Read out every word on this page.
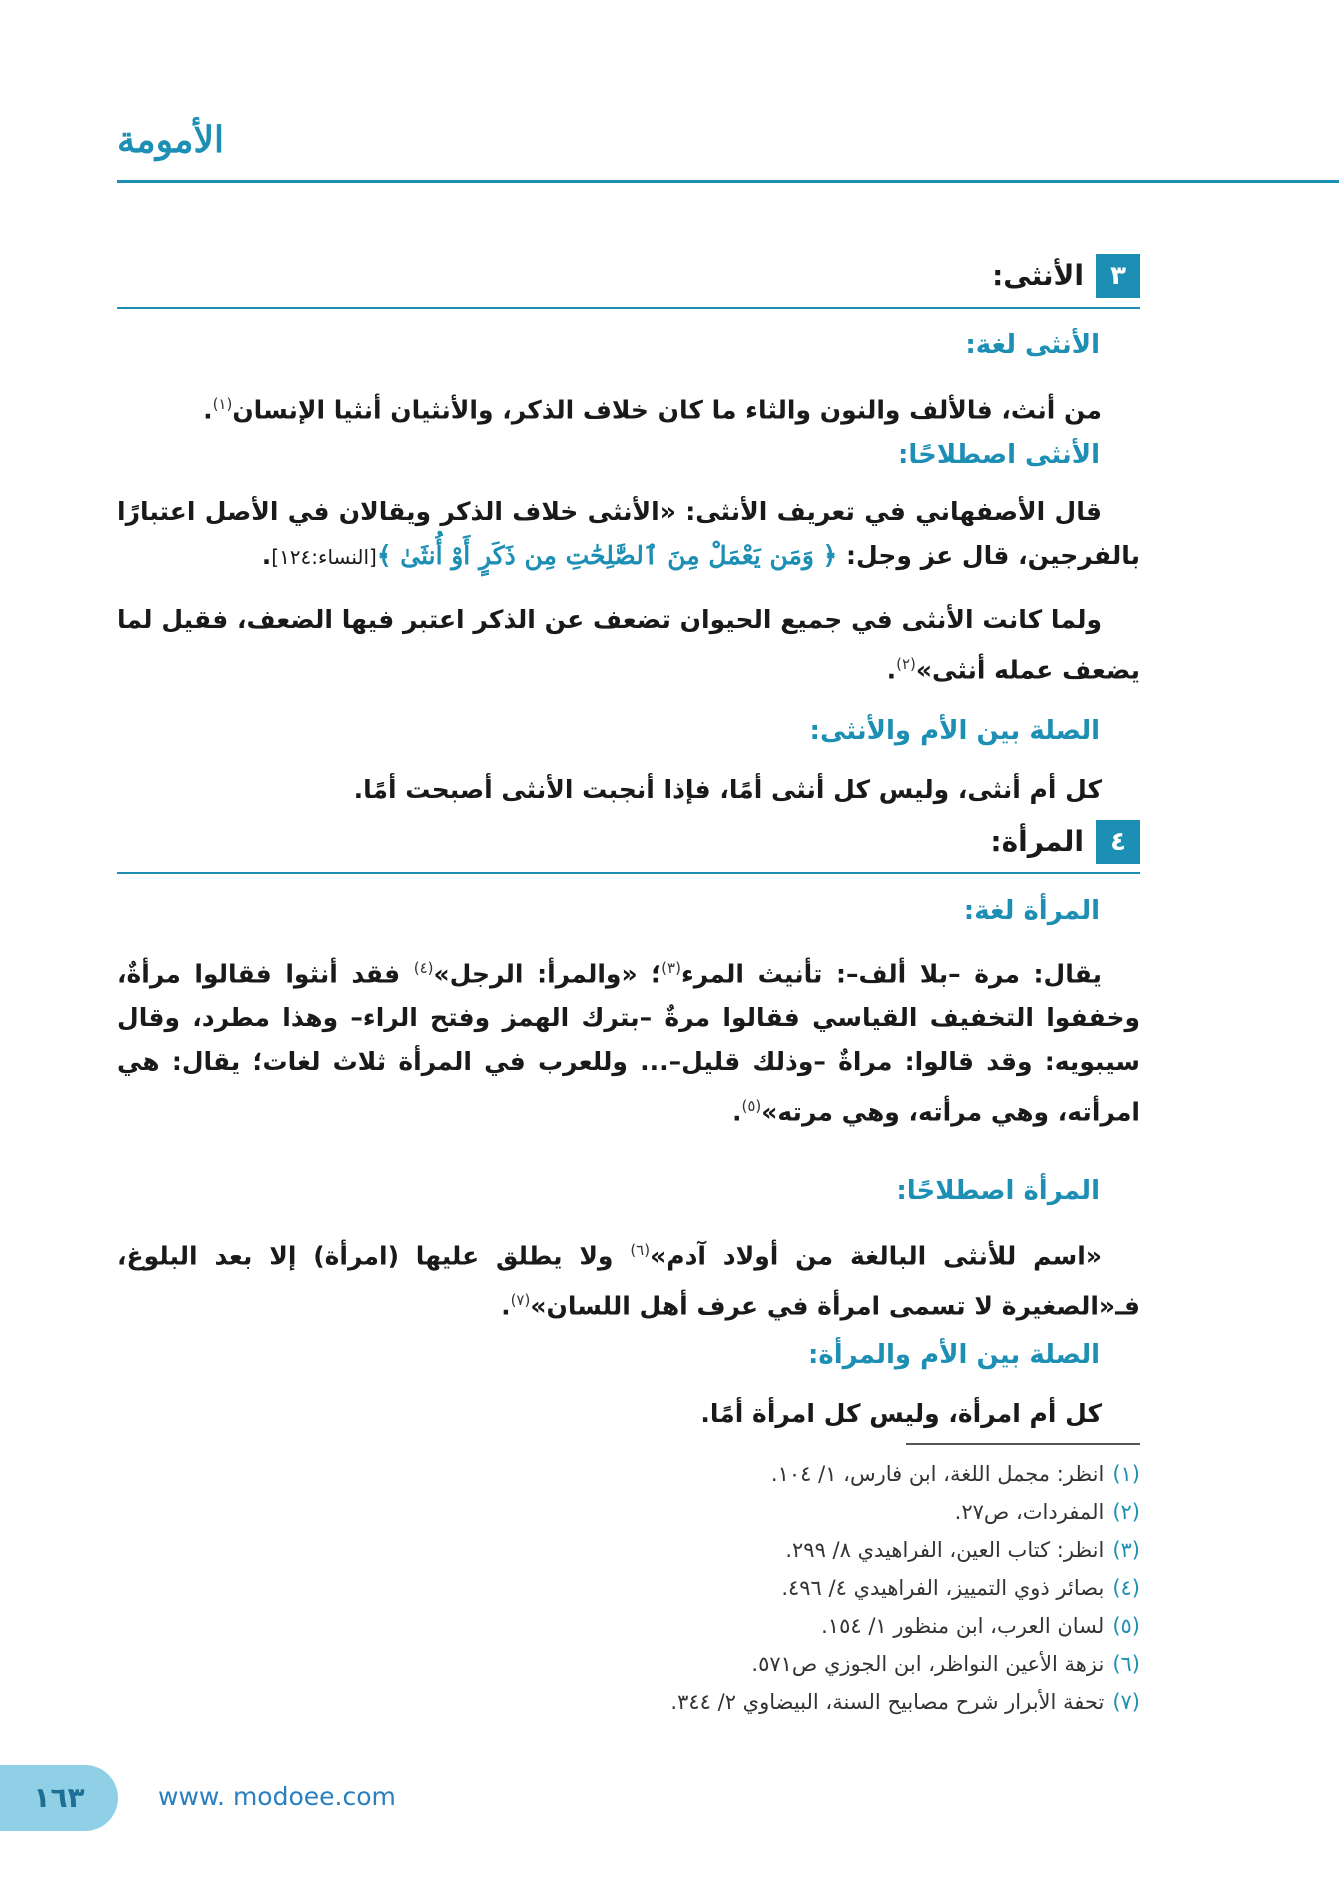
الأمومة
٣
الأنثى:
الأنثى لغة:
من أنث، فالألف والنون والثاء ما كان خلاف الذكر، والأنثيان أنثيا الإنسان$^{(١)}$.
الأنثى اصطلاحًا:
قال الأصفهاني في تعريف الأنثى: «الأنثى خلاف الذكر ويقالان في الأصل اعتبارًا بالفرجين، قال عز وجل: ﴿ وَمَن يَعْمَلْ مِنَ ٱلصَّٰلِحَٰتِ مِن ذَكَرٍ أَوْ أُنثَىٰ ﴾[النساء:١٢٤].
ولما كانت الأنثى في جميع الحيوان تضعف عن الذكر اعتبر فيها الضعف، فقيل لما يضعف عمله أنثى»$^{(٢)}$.
الصلة بين الأم والأنثى:
كل أم أنثى، وليس كل أنثى أمًا، فإذا أنجبت الأنثى أصبحت أمًا.
٤
المرأة:
المرأة لغة:
يقال: مرة –بلا ألف–: تأنيث المرء$^{(٣)}$؛ «والمرأ: الرجل»$^{(٤)}$ فقد أنثوا فقالوا مرأةٌ، وخففوا التخفيف القياسي فقالوا مرةٌ –بترك الهمز وفتح الراء– وهذا مطرد، وقال سيبويه: وقد قالوا: مراةٌ –وذلك قليل–... وللعرب في المرأة ثلاث لغات؛ يقال: هي امرأته، وهي مرأته، وهي مرته»$^{(٥)}$.
المرأة اصطلاحًا:
«اسم للأنثى البالغة من أولاد آدم»$^{(٦)}$ ولا يطلق عليها (امرأة) إلا بعد البلوغ، فـ«الصغيرة لا تسمى امرأة في عرف أهل اللسان»$^{(٧)}$.
الصلة بين الأم والمرأة:
كل أم امرأة، وليس كل امرأة أمًا.
(١)انظر: مجمل اللغة، ابن فارس، ١/ ١٠٤.
(٢)المفردات، ص٢٧.
(٣)انظر: كتاب العين، الفراهيدي ٨/ ٢٩٩.
(٤)بصائر ذوي التمييز، الفراهيدي ٤/ ٤٩٦.
(٥)لسان العرب، ابن منظور ١/ ١٥٤.
(٦)نزهة الأعين النواظر، ابن الجوزي ص٥٧١.
(٧)تحفة الأبرار شرح مصابيح السنة، البيضاوي ٢/ ٣٤٤.
١٦٣	www. modoee.com
